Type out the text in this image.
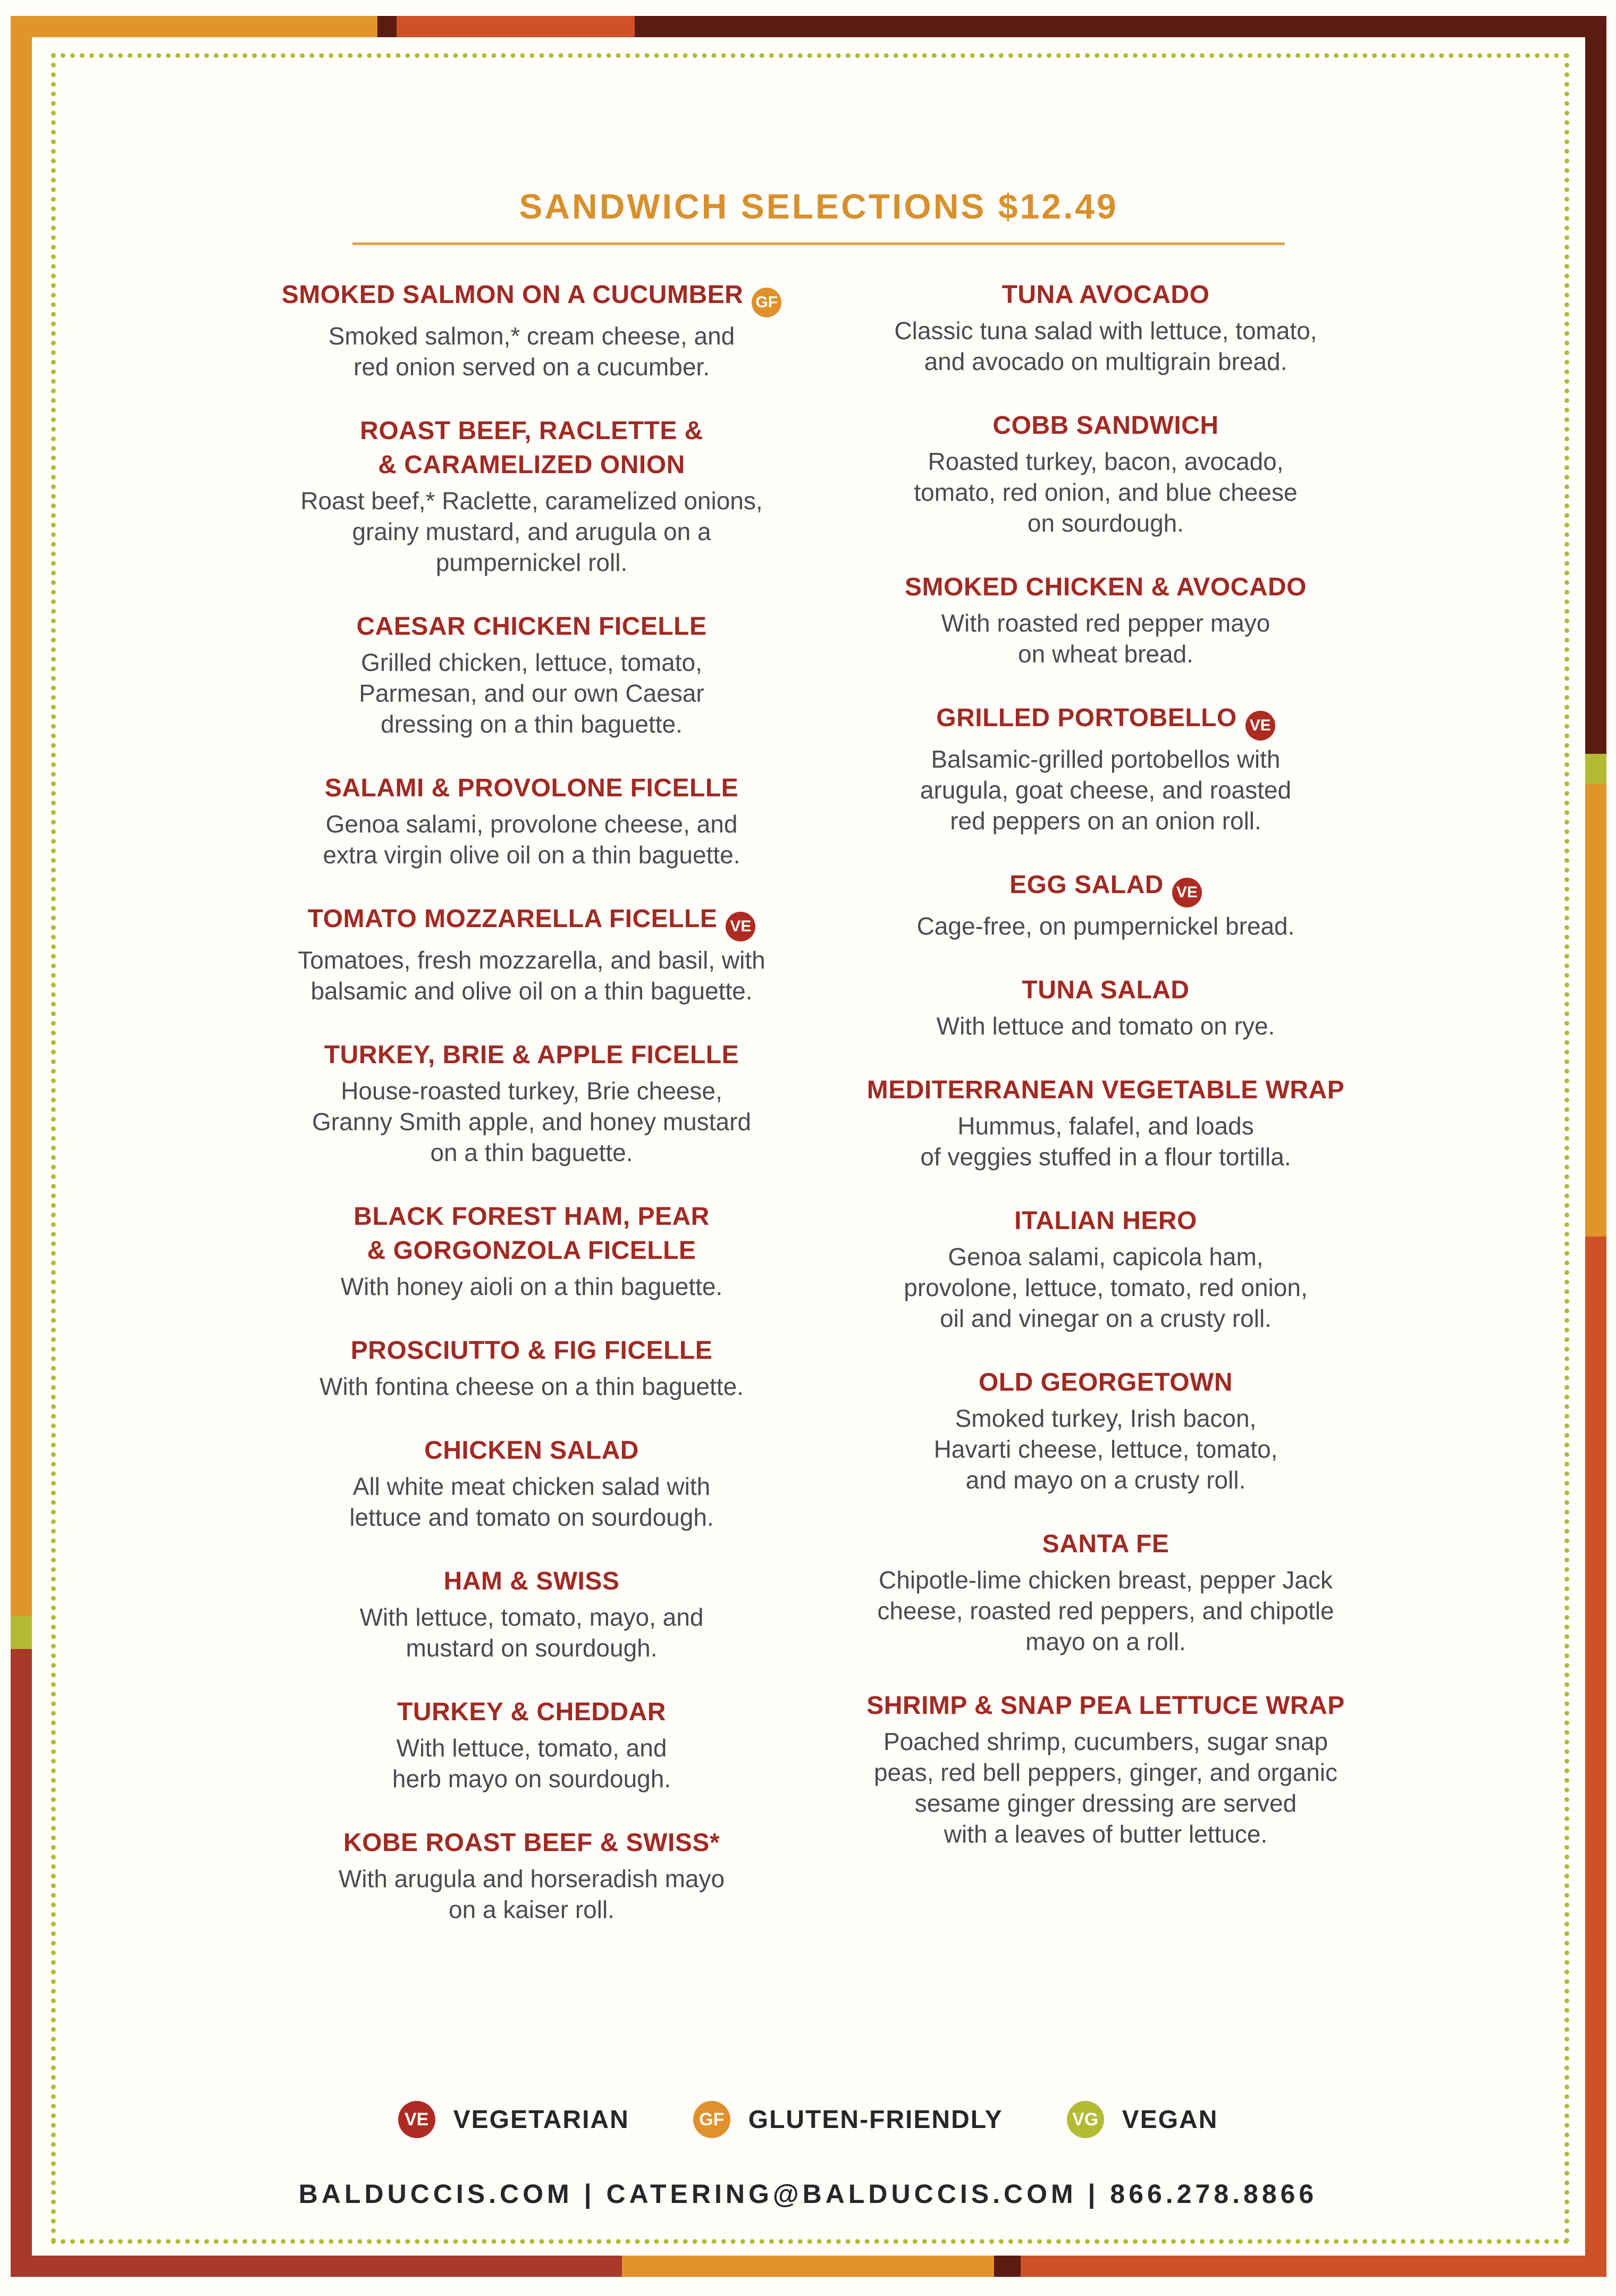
SANDWICH SELECTIONS $12.49
SMOKED SALMON ON A CUCUMBER GF

Smoked salmon,* cream cheese, and
red onion served on a cucumber.

ROAST BEEF, RACLETTE &
& CARAMELIZED ONION

Roast beef,* Raclette, caramelized onions,
grainy mustard, and arugula on a
pumpernickel roll.

CAESAR CHICKEN FICELLE

Grilled chicken, lettuce, tomato,
Parmesan, and our own Caesar
dressing on a thin baguette.

SALAMI & PROVOLONE FICELLE

Genoa salami, provolone cheese, and
extra virgin olive oil on a thin baguette.

TOMATO MOZZARELLA FICELLE VE

Tomatoes, fresh mozzarella, and basil, with
balsamic and olive oil on a thin baguette.

TURKEY, BRIE & APPLE FICELLE

House-roasted turkey, Brie cheese,
Granny Smith apple, and honey mustard
on a thin baguette.

BLACK FOREST HAM, PEAR
& GORGONZOLA FICELLE

With honey aioli on a thin baguette.

PROSCIUTTO & FIG FICELLE

With fontina cheese on a thin baguette.

CHICKEN SALAD

All white meat chicken salad with
lettuce and tomato on sourdough.

HAM & SWISS

With lettuce, tomato, mayo, and
mustard on sourdough.

TURKEY & CHEDDAR

With lettuce, tomato, and
herb mayo on sourdough.

KOBE ROAST BEEF & SWISS*

With arugula and horseradish mayo
on a kaiser roll.

TUNA AVOCADO

Classic tuna salad with lettuce, tomato,
and avocado on multigrain bread.

COBB SANDWICH

Roasted turkey, bacon, avocado,
tomato, red onion, and blue cheese
on sourdough.

SMOKED CHICKEN & AVOCADO

With roasted red pepper mayo
on wheat bread.

GRILLED PORTOBELLO VE

Balsamic-grilled portobellos with
arugula, goat cheese, and roasted
red peppers on an onion roll.

EGG SALAD VE

Cage-free, on pumpernickel bread.

TUNA SALAD

With lettuce and tomato on rye.

MEDITERRANEAN VEGETABLE WRAP

Hummus, falafel, and loads
of veggies stuffed in a flour tortilla.

ITALIAN HERO

Genoa salami, capicola ham,
provolone, lettuce, tomato, red onion,
oil and vinegar on a crusty roll.

OLD GEORGETOWN

Smoked turkey, Irish bacon,
Havarti cheese, lettuce, tomato,
and mayo on a crusty roll.

SANTA FE

Chipotle-lime chicken breast, pepper Jack
cheese, roasted red peppers, and chipotle
mayo on a roll.

SHRIMP & SNAP PEA LETTUCE WRAP

Poached shrimp, cucumbers, sugar snap
peas, red bell peppers, ginger, and organic
sesame ginger dressing are served
with a leaves of butter lettuce.

VE VEGETARIAN	GF GLUTEN-FRIENDLY	VG VEGAN
BALDUCCIS.COM | CATERING@BALDUCCIS.COM | 866.278.8866
